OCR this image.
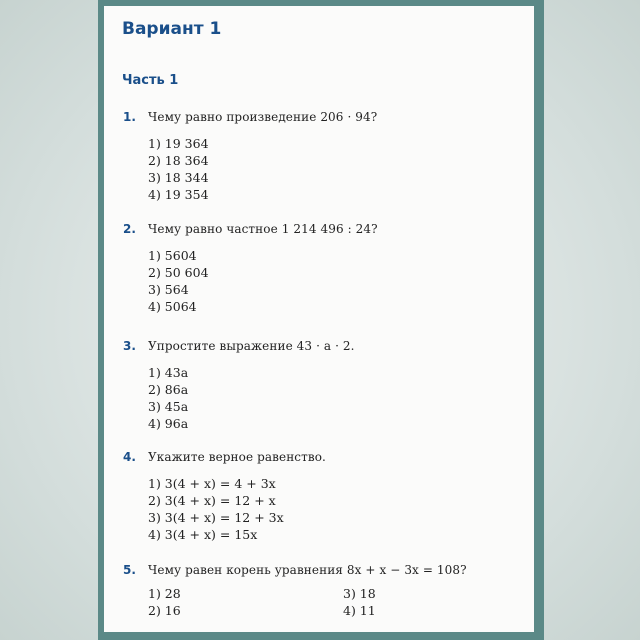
Вариант 1
Часть 1
1. Чему равно произведение 206 · 94?
1) 19 364
2) 18 364
3) 18 344
4) 19 354
2. Чему равно частное 1 214 496 : 24?
1) 5604
2) 50 604
3) 564
4) 5064
3. Упростите выражение 43 · a · 2.
1) 43a
2) 86a
3) 45a
4) 96a
4. Укажите верное равенство.
1) 3(4 + x) = 4 + 3x
2) 3(4 + x) = 12 + x
3) 3(4 + x) = 12 + 3x
4) 3(4 + x) = 15x
5. Чему равен корень уравнения 8x + x − 3x = 108?
1) 28	3) 18
2) 16	4) 11
